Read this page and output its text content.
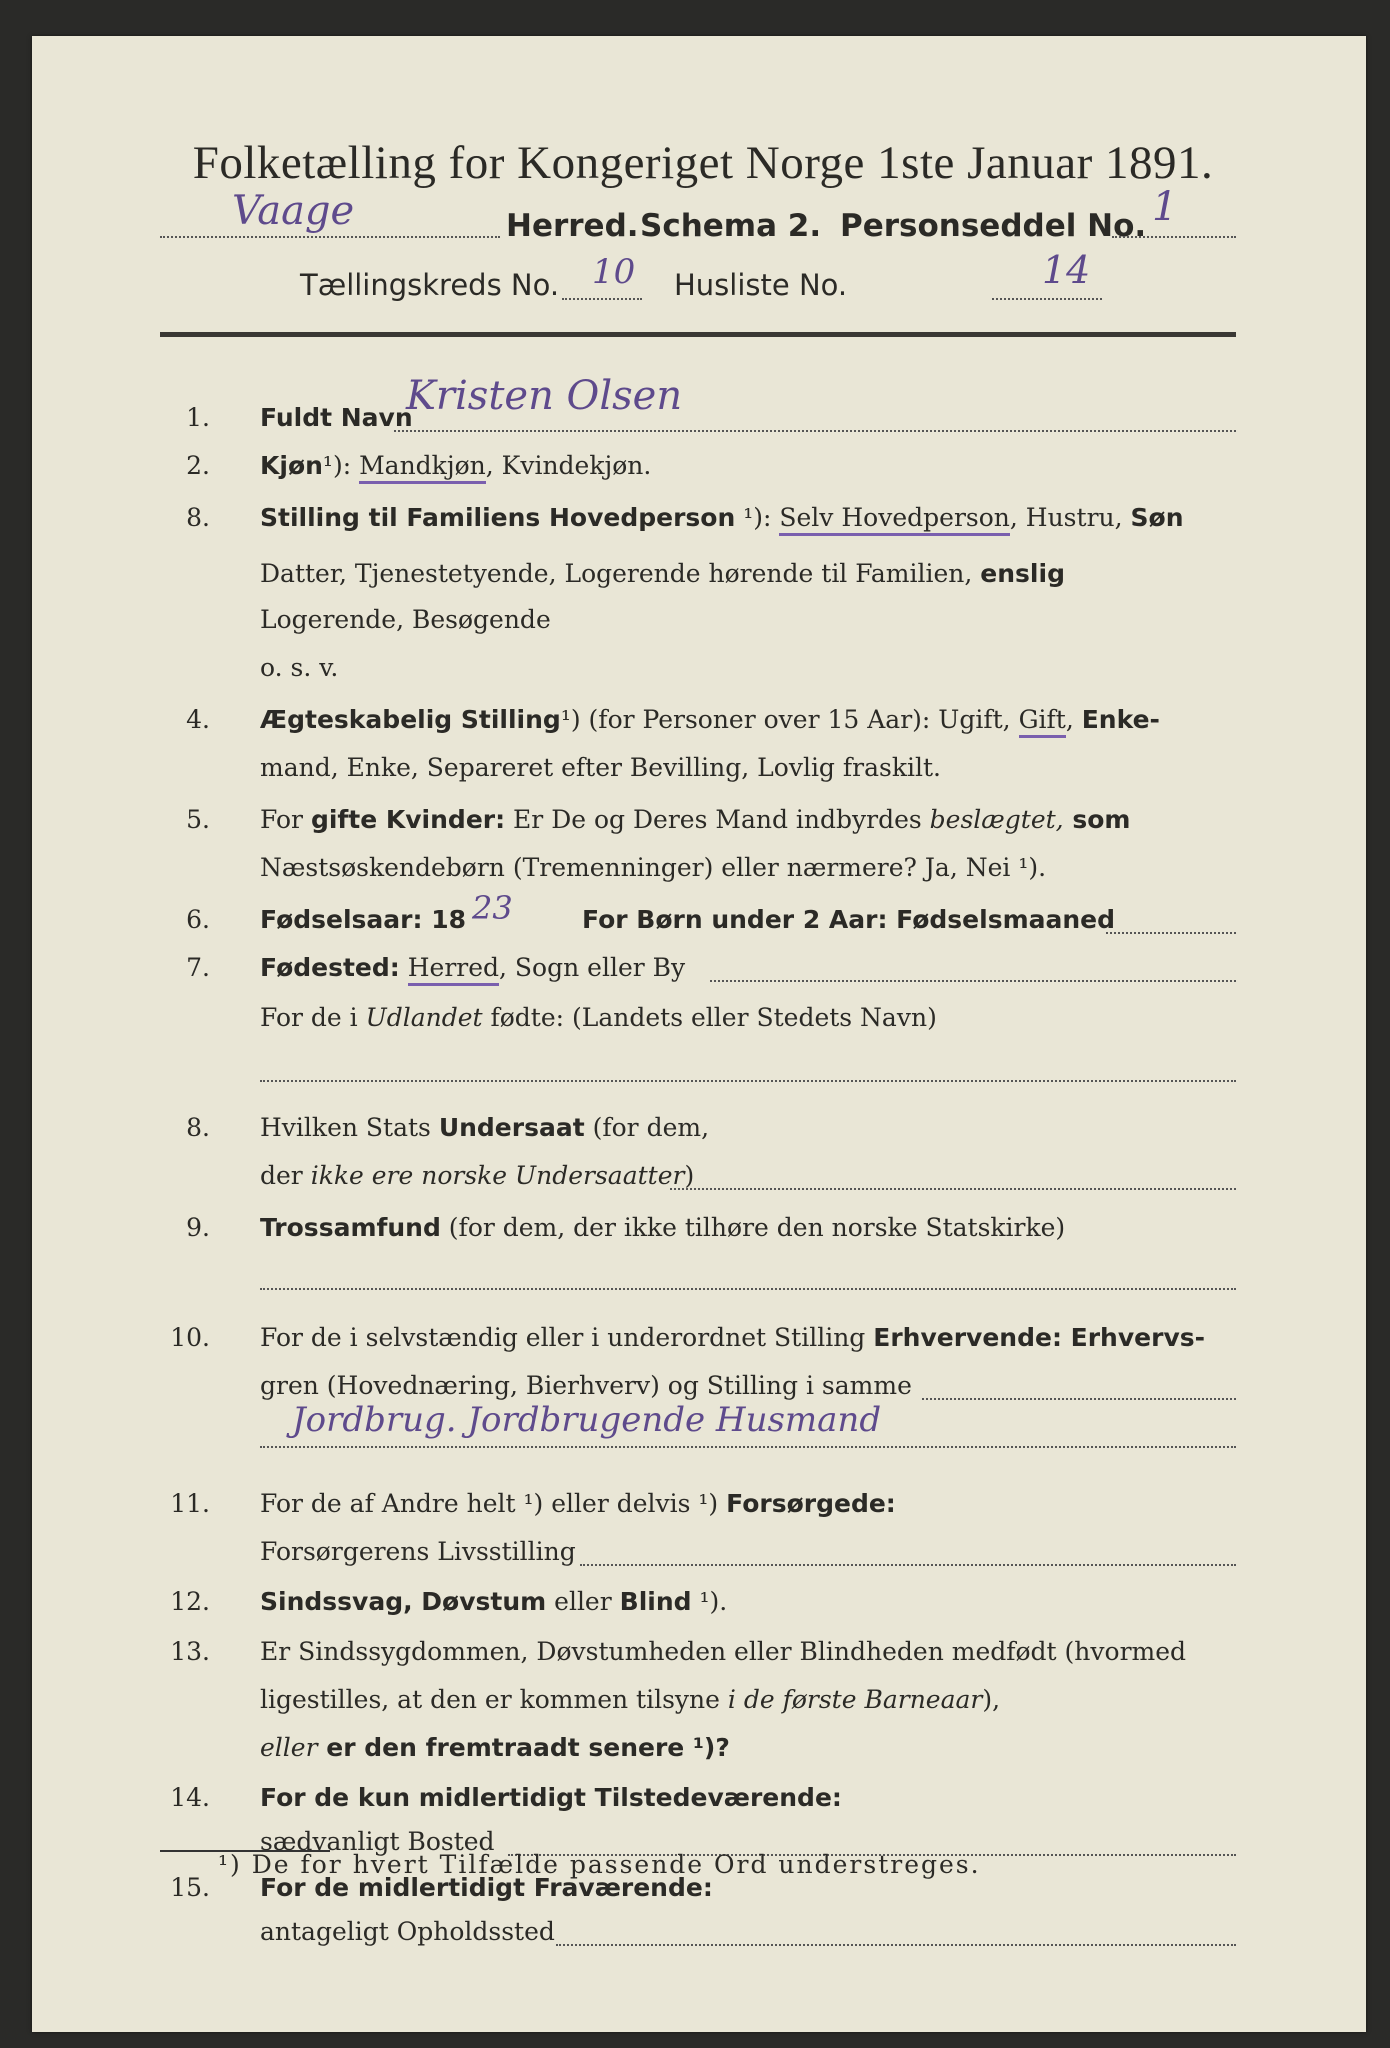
Folketælling for Kongeriget Norge 1ste Januar 1891.
Vaage	Herred. Schema 2. Personseddel No. 1
Tællingskreds No. 10 Husliste No.	14
1. Fuldt Navn
Kristen Olsen
2. Kjøn¹): Mandkjøn, Kvindekjøn.
8. Stilling til Familiens Hovedperson ¹): Selv Hovedperson, Hustru, Søn
Datter, Tjenestetyende, Logerende hørende til Familien, enslig
Logerende, Besøgende
o. s. v.
4. Ægteskabelig Stilling¹) (for Personer over 15 Aar): Ugift, Gift, Enke-
mand, Enke, Separeret efter Bevilling, Lovlig fraskilt.
5. For gifte Kvinder: Er De og Deres Mand indbyrdes beslægtet, som
Næstsøskendebørn (Tremenninger) eller nærmere? Ja, Nei ¹).
6. Fødselsaar: 18 23	For Børn under 2 Aar: Fødselsmaaned
7. Fødested: Herred, Sogn eller By
For de i Udlandet fødte: (Landets eller Stedets Navn)
8. Hvilken Stats Undersaat (for dem,
der ikke ere norske Undersaatter)
9. Trossamfund (for dem, der ikke tilhøre den norske Statskirke)
10. For de i selvstændig eller i underordnet Stilling Erhvervende: Erhvervs-
gren (Hovednæring, Bierhverv) og Stilling i samme
Jordbrug. Jordbrugende Husmand
11. For de af Andre helt ¹) eller delvis ¹) Forsørgede:
Forsørgerens Livsstilling
12. Sindssvag, Døvstum eller Blind ¹).
13. Er Sindssygdommen, Døvstumheden eller Blindheden medfødt (hvormed
ligestilles, at den er kommen tilsyne i de første Barneaar),
eller er den fremtraadt senere ¹)?
14. For de kun midlertidigt Tilstedeværende:
sædvanligt Bosted
15. For de midlertidigt Fraværende:
antageligt Opholdssted
¹) De for hvert Tilfælde passende Ord understreges.
